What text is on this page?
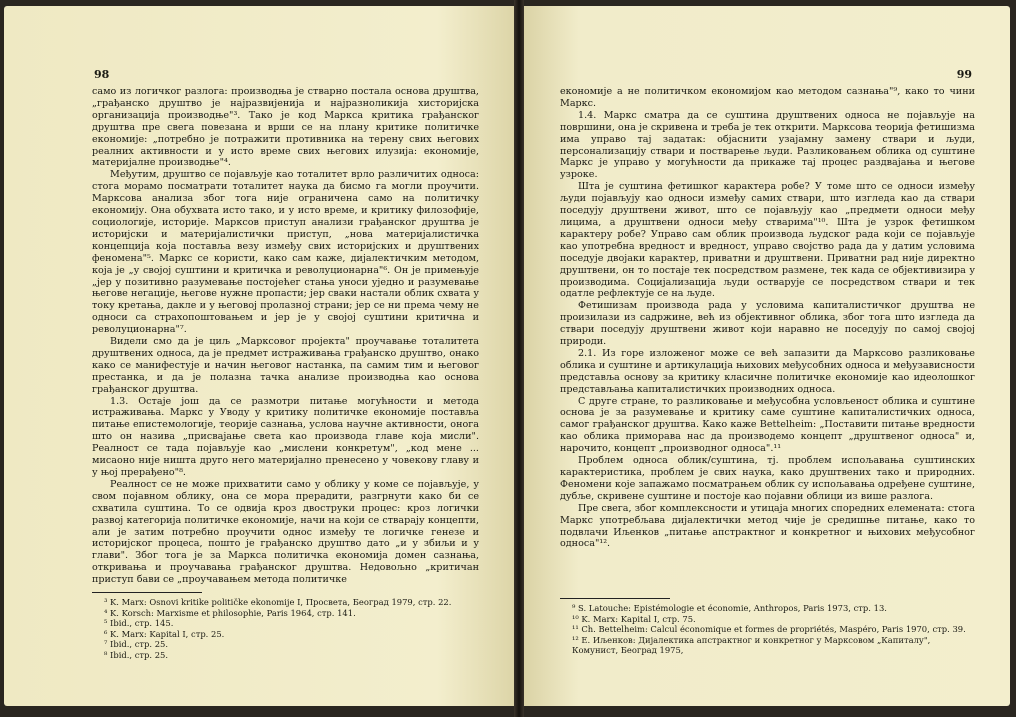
98

само из логичког разлога: производња је стварно постала основа друштва, „грађанско друштво је најразвијенија и најразноликија хисторијска организација производње"³. Тако је код Маркса критика грађанског друштва пре свега повезана и врши се на плану критике политичке економије: „потребно је потражити противника на терену свих његових реалних активности и у исто време свих његових илузија: економије, материјалне производње"⁴.

Међутим, друштво се појављује као тоталитет врло различитих односа: стога морамо посматрати тоталитет наука да бисмо га могли проучити. Марксова анализа због тога није ограничена само на политичку економију. Она обухвата исто тако, и у исто време, и критику филозофије, социологије, историје. Марксов приступ анализи грађанског друштва је историјски и материјалистички приступ, „нова материјалистичка концепција која поставља везу између свих историјских и друштвених феномена"⁵. Маркс се користи, како сам каже, дијалектичким методом, која је „у својој суштини и критичка и револуционарна"⁶. Он је примењује „јер у позитивно разумевање постојећег стања уноси уједно и разумевање његове негације, његове нужне пропасти; јер сваки настали облик схвата у току кретања, дакле и у његовој пролазној страни; јер се ни према чему не односи са страхопоштовањем и јер је у својој суштини критична и револуционарна"⁷.

Видели смо да је циљ „Марксовог пројекта" проучавање тоталитета друштвених односа, да је предмет истраживања грађанско друштво, онако како се манифестује и начин његовог настанка, па самим тим и његовог престанка, и да је полазна тачка анализе производња као основа грађанског друштва.

1.3. Остаје још да се размотри питање могућности и метода истраживања. Маркс у Уводу у критику политичке економије поставља питање епистемологије, теорије сазнања, услова научне активности, онога што он назива „присвајање света као производа главе која мисли". Реалност се тада појављује као „мислени конкретум", „код мене ... мисаоно није ништа друго него материјално пренесено у човекову главу и у њој прерађено"⁸.

Реалност се не може прихватити само у облику у коме се појављује, у свом појавном облику, она се мора прерадити, разгрнути како би се схватила суштина. То се одвија кроз двоструки процес: кроз логички развој категорија политичке економије, начи на који се стварају концепти, али је затим потребно проучити однос између те логичке генезе и историјског процеса, пошто је грађанско друштво дато „и у збиљи и у глави". Због тога је за Маркса политичка економија домен сазнања, откривања и проучавања грађанског друштва. Недовољно „критичан приступ бави се „проучавањем метода политичке

³ K. Marx: Osnovi kritike političke ekonomije I, Просвета, Београд 1979, стр. 22.

⁴ K. Korsch: Marxisme et philosophie, Paris 1964, стр. 141.

⁵ Ibid., стр. 145.

⁶ K. Marx: Kapital I, стр. 25.

⁷ Ibid., стр. 25.

⁸ Ibid., стр. 25.

99

економије а не политичком економијом као методом сазнања"⁹, како то чини Маркс.

1.4. Маркс сматра да се суштина друштвених односа не појављује на површини, она је скривена и треба је тек открити. Марксова теорија фетишизма има управо тај задатак: објаснити узајамну замену ствари и људи, персонализацију ствари и постварење људи. Разликовањем облика од суштине Маркс је управо у могућности да прикаже тај процес раздвајања и његове узроке.

Шта је суштина фетишког карактера робе? У томе што се односи између људи појављују као односи између самих ствари, што изгледа као да ствари поседују друштвени живот, што се појављују као „предмети односи међу лицима, а друштвени односи међу стварима"¹⁰. Шта је узрок фетишком карактеру робе? Управо сам облик производа људског рада који се појављује као употребна вредност и вредност, управо својство рада да у датим условима поседује двојаки карактер, приватни и друштвени. Приватни рад није директно друштвени, он то постаје тек посредством размене, тек када се објективизира у производима. Социјализација људи остварује се посредством ствари и тек одатле рефлектује се на људе.

Фетишизам производа рада у условима капиталистичког друштва не произилази из садржине, већ из објективног облика, због тога што изгледа да ствари поседују друштвени живот који наравно не поседују по самој својој природи.

2.1. Из горе изложеног може се већ запазити да Марксово разликовање облика и суштине и артикулација њихових међусобних односа и међузависности представља основу за критику класичне политичке економије као идеолошког представљања капиталистичких производних односа.

С друге стране, то разликовање и међусобна условљеност облика и суштине основа је за разумевање и критику саме суштине капиталистичких односа, самог грађанског друштва. Како каже Bettelheim: „Поставити питање вредности као облика приморава нас да производемо концепт „друштвеног односа" и, нарочито, концепт „производног односа".¹¹

Проблем односа облик/суштина, тј. проблем испољавања суштинских карактеристика, проблем је свих наука, како друштвених тако и природних. Феномени које запажамо посматрањем облик су испољавања одређене суштине, дубље, скривене суштине и постоје као појавни облици из више разлога.

Пре свега, због комплексности и утицаја многих споредних елемената: стога Маркс употребљава дијалектички метод чије је средишње питање, како то подвлачи Иљенков „питање апстрактног и конкретног и њихових међусобног односа"¹².

⁹ S. Latouche: Epistémologie et économie, Anthropos, Paris 1973, стр. 13.

¹⁰ K. Marx: Kapital I, стр. 75.

¹¹ Ch. Bettelheim: Calcul économique et formes de propriétés, Maspéro, Paris 1970, стр. 39.

¹² Е. Иљенков: Дијалектика апстрактног и конкретног у Марксовом „Капиталу", Комунист, Београд 1975,
